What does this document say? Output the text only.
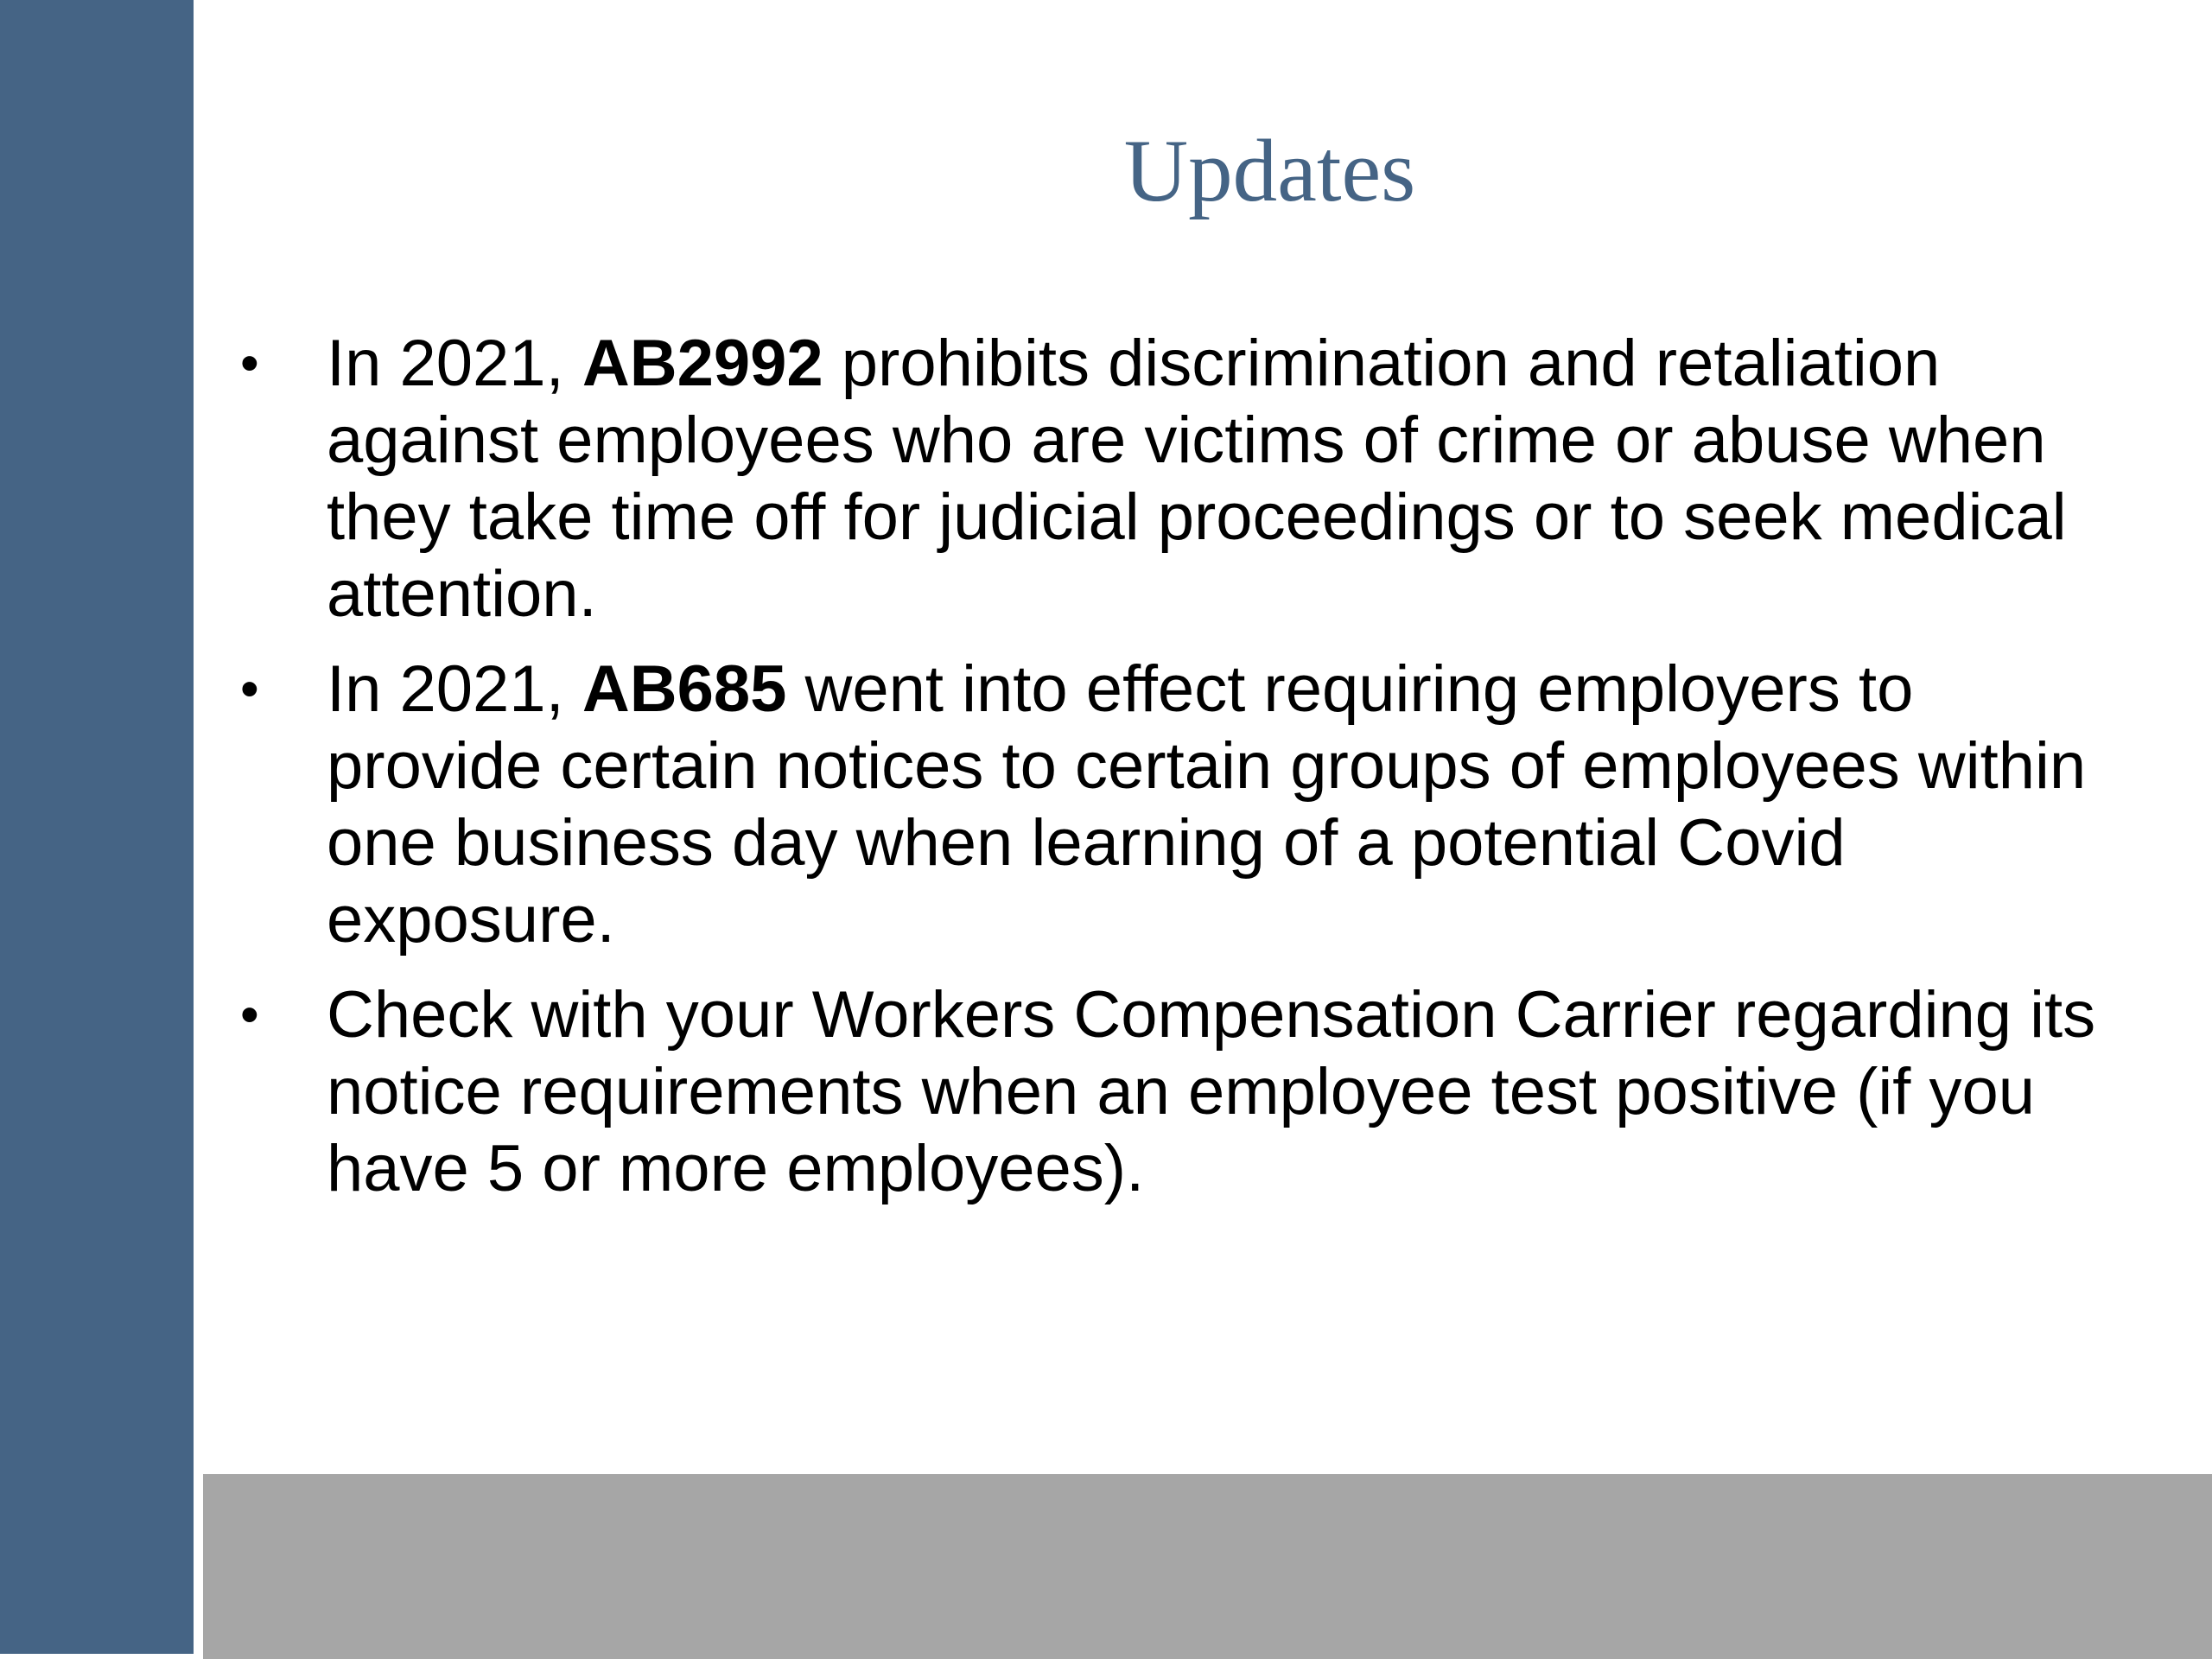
Updates
• In 2021, AB2992 prohibits discrimination and retaliation against employees who are victims of crime or abuse when they take time off for judicial proceedings or to seek medical attention.
• In 2021, AB685 went into effect requiring employers to provide certain notices to certain groups of employees within one business day when learning of a potential Covid exposure.
• Check with your Workers Compensation Carrier regarding its notice requirements when an employee test positive (if you have 5 or more employees).
